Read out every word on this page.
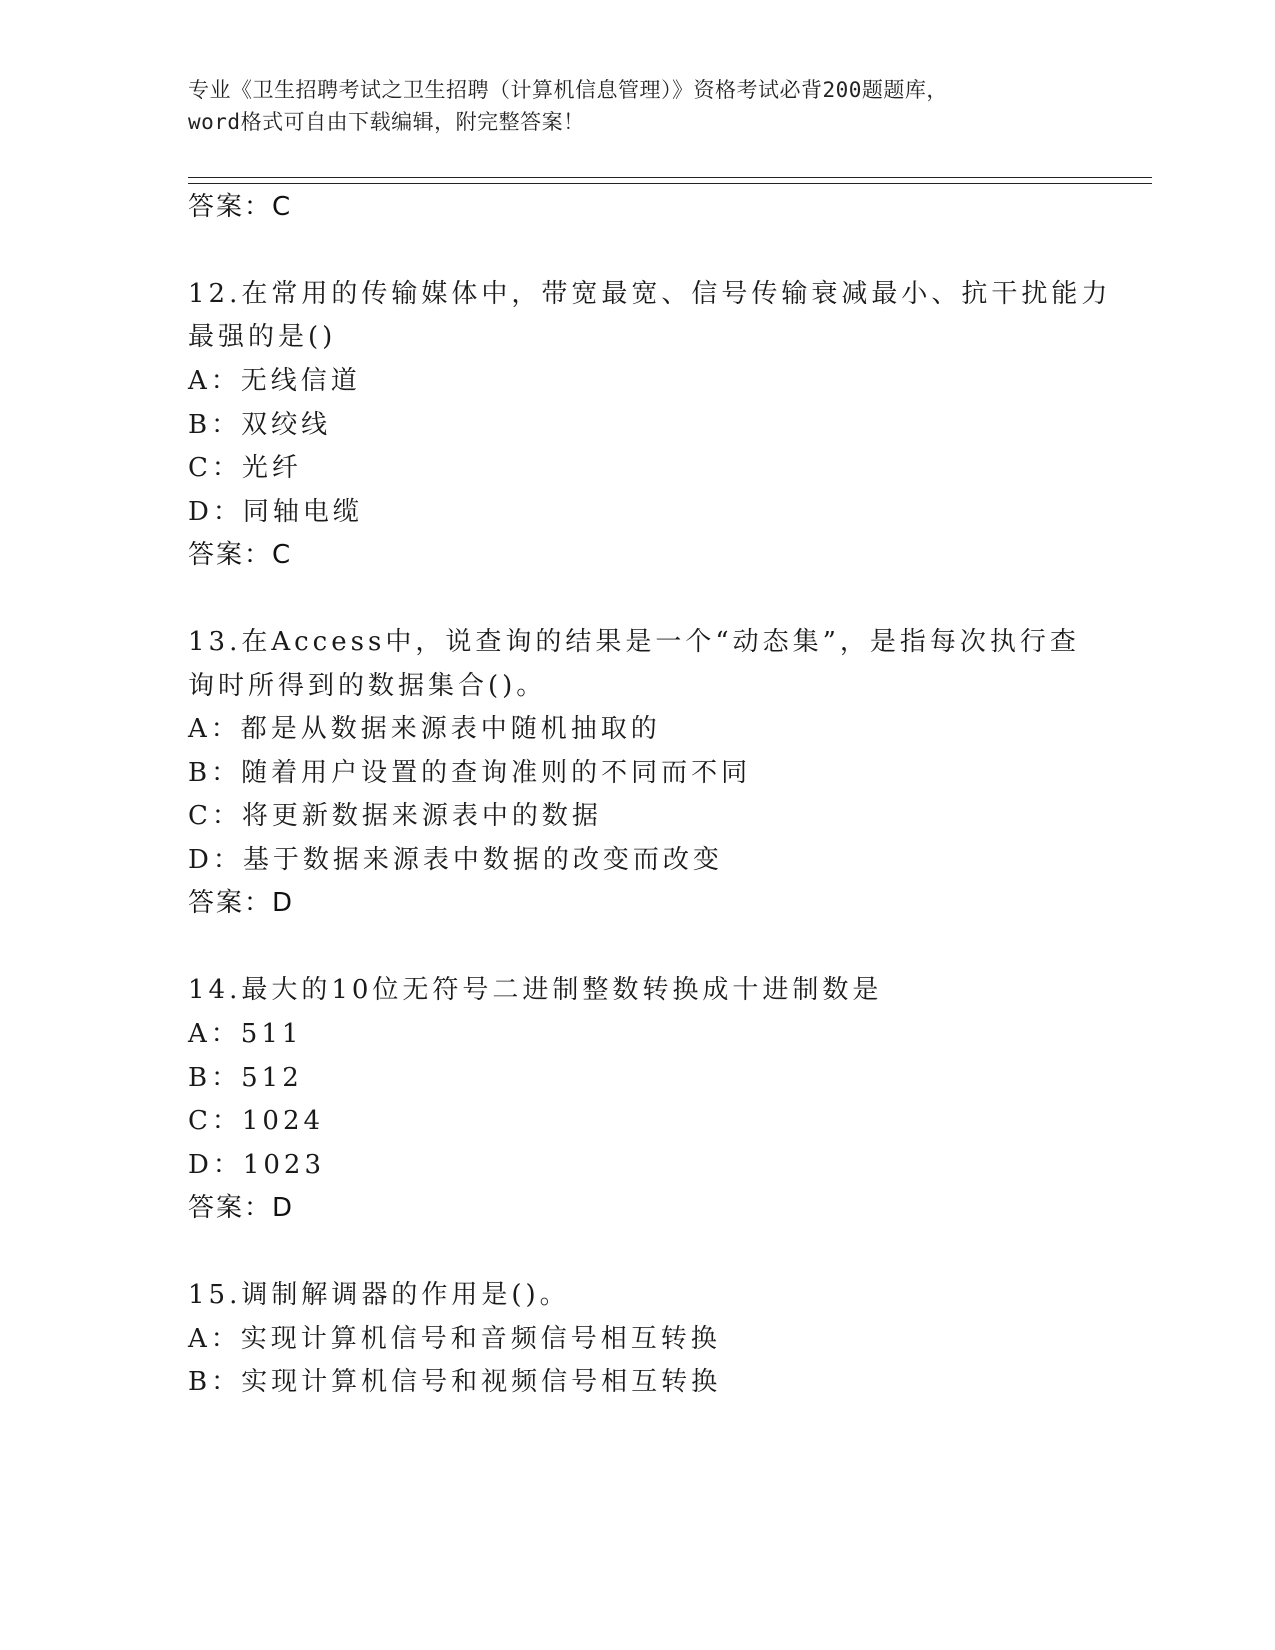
专业《卫生招聘考试之卫生招聘（计算机信息管理）》资格考试必背200题题库，

word格式可自由下载编辑，附完整答案！

答案：C
12.在常用的传输媒体中，带宽最宽、信号传输衰减最小、抗干扰能力
最强的是()
A：无线信道
B：双绞线
C：光纤
D：同轴电缆
答案：C
13.在Access中，说查询的结果是一个“动态集”，是指每次执行查
询时所得到的数据集合()。
A：都是从数据来源表中随机抽取的
B：随着用户设置的查询准则的不同而不同
C：将更新数据来源表中的数据
D：基于数据来源表中数据的改变而改变
答案：D
14.最大的10位无符号二进制整数转换成十进制数是
A：511
B：512
C：1024
D：1023
答案：D
15.调制解调器的作用是()。
A：实现计算机信号和音频信号相互转换
B：实现计算机信号和视频信号相互转换
